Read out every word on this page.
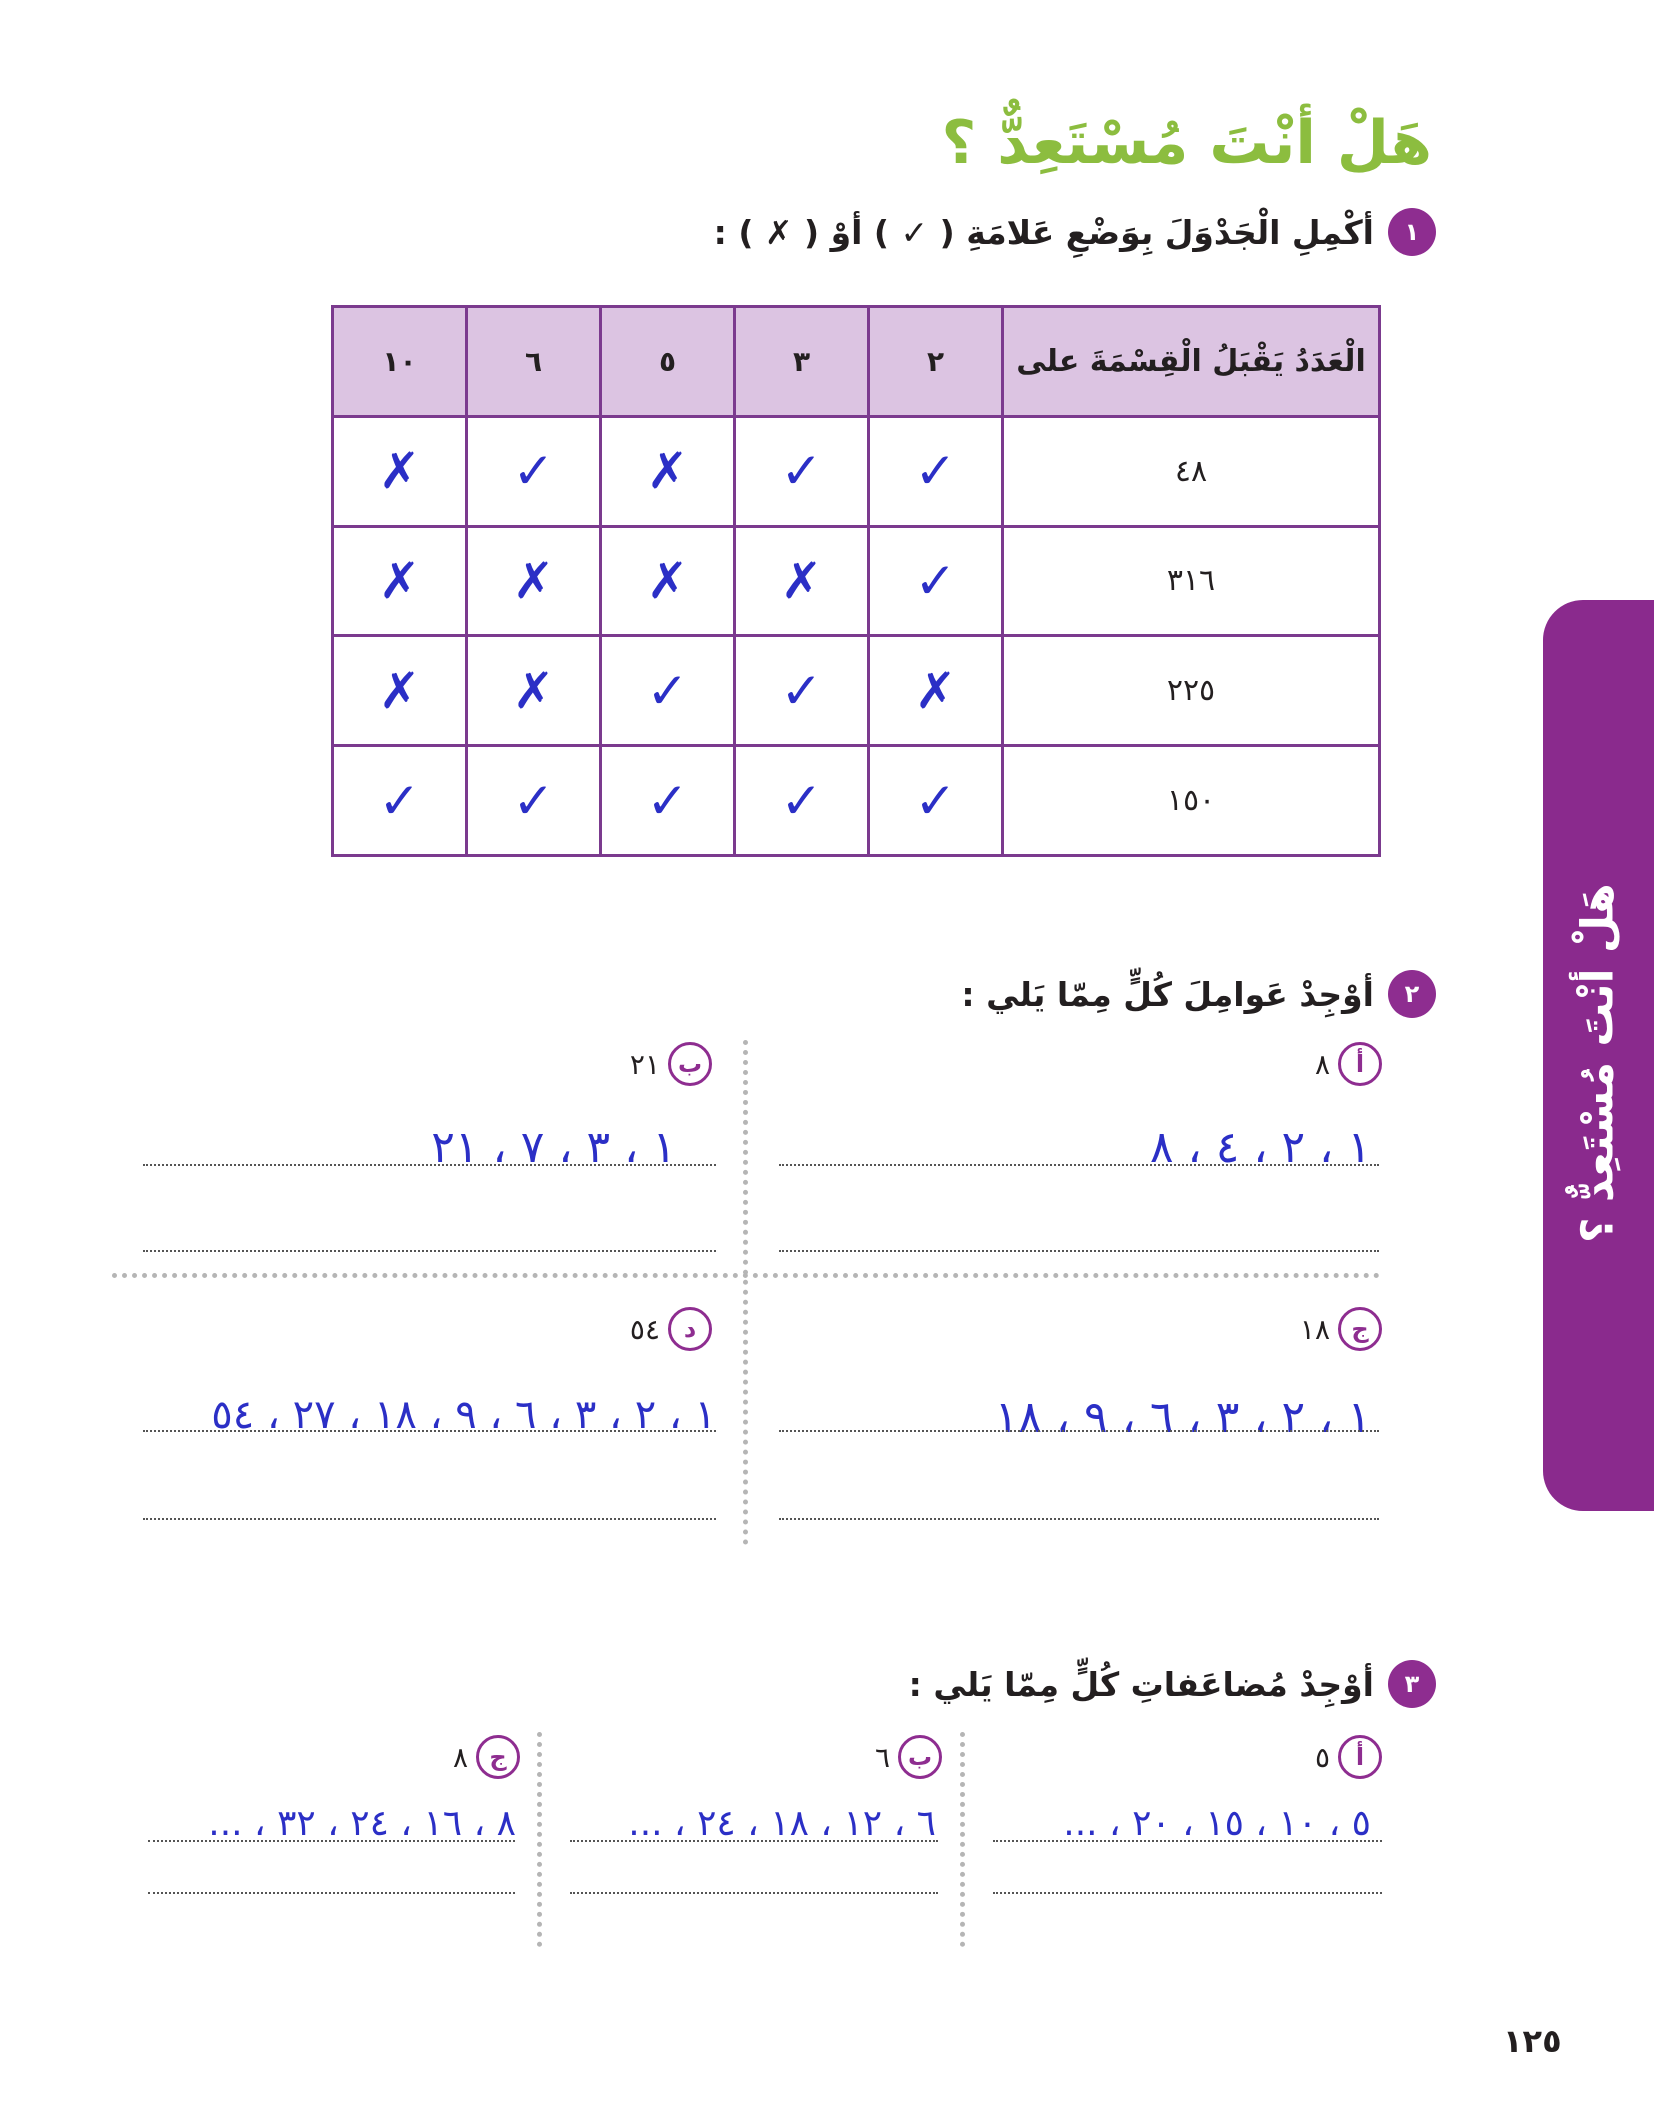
هَلْ أنْتَ مُسْتَعِدٌّ ؟
١
أكْمِلِ الْجَدْوَلَ بِوَضْعِ عَلامَةِ ( ✓ ) أوْ ( ✗ ) :
الْعَدَدُ يَقْبَلُ الْقِسْمَةَ على	٢	٣	٥	٦	١٠
٤٨	✓	✓	✗	✓	✗
٣١٦	✓	✗	✗	✗	✗
٢٢٥	✗	✓	✓	✗	✗
١٥٠	✓	✓	✓	✓	✓
هَلْ أنْتَ مُسْتَعِدٌّ ؟
٢
أوْجِدْ عَوامِلَ كُلٍّ مِمّا يَلي :
أ
٨
١ ، ٢ ، ٤ ، ٨
ب
٢١
١ ، ٣ ، ٧ ، ٢١
ج
١٨
١ ، ٢ ، ٣ ، ٦ ، ٩ ، ١٨
د
٥٤
١ ، ٢ ، ٣ ، ٦ ، ٩ ، ١٨ ، ٢٧ ، ٥٤
٣
أوْجِدْ مُضاعَفاتِ كُلٍّ مِمّا يَلي :
أ
٥
٥ ، ١٠ ، ١٥ ، ٢٠ ، ...
ب
٦
٦ ، ١٢ ، ١٨ ، ٢٤ ، ...
ج
٨
٨ ، ١٦ ، ٢٤ ، ٣٢ ، ...
١٢٥
